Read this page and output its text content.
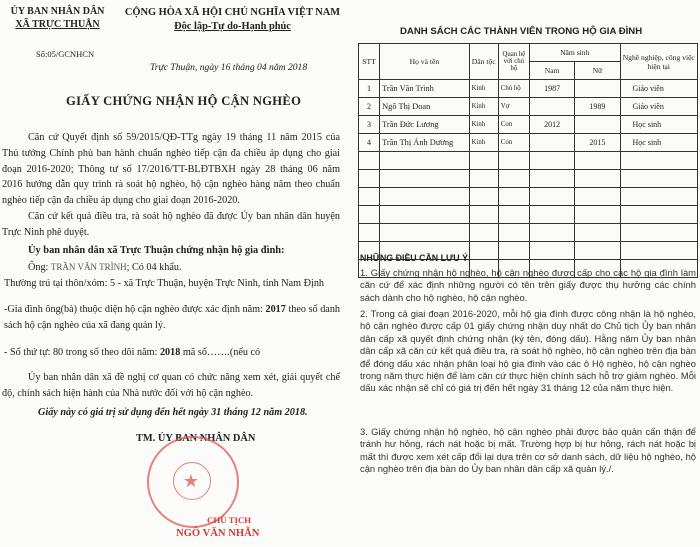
ỦY BAN NHÂN DÂN
XÃ TRỰC THUẬN
Số:05/GCNHCN
CỘNG HÒA XÃ HỘI CHỦ NGHĨA VIỆT NAM
Độc lập-Tự do-Hạnh phúc
Trực Thuận, ngày 16 tháng 04 năm 2018
GIẤY CHỨNG NHẬN HỘ CẬN NGHÈO
Căn cứ Quyết định số 59/2015/QĐ-TTg ngày 19 tháng 11 năm 2015 của Thủ tướng Chính phủ ban hành chuẩn nghèo tiếp cận đa chiều áp dụng cho giai đoạn 2016-2020; Thông tư số 17/2016/TT-BLĐTBXH ngày 28 tháng 06 năm 2016 hướng dẫn quy trình rà soát hộ nghèo, hộ cận nghèo hàng năm theo chuẩn nghèo tiếp cận đa chiều áp dụng cho giai đoạn 2016-2020.
Căn cứ kết quả điều tra, rà soát hộ nghèo đã được Ủy ban nhân dân huyện Trực Ninh phê duyệt.
Ủy ban nhân dân xã Trực Thuận chứng nhận hộ gia đình:
Ông: TRẦN VĂN TRÌNH; Có 04 khẩu.
Thường trú tại thôn/xóm: 5 - xã Trực Thuận, huyện Trực Ninh, tỉnh Nam Định
-Gia đình ông(bà) thuộc diện hộ cận nghèo được xác định năm: 2017 theo số danh sách hộ cận nghèo của xã đang quản lý.
- Số thứ tự: 80 trong số theo dõi năm: 2018 mã số…….(nếu có
Ủy ban nhân dân xã đề nghị cơ quan có chức năng xem xét, giải quyết chế độ, chính sách hiện hành của Nhà nước đối với hộ cận nghèo.
Giấy này có giá trị sử dụng đến hết ngày 31 tháng 12 năm 2018.
TM. ỦY BAN NHÂN DÂN
★
CHỦ TỊCH
NGÔ VĂN NHẪN
DANH SÁCH CÁC THÀNH VIÊN TRONG HỘ GIA ĐÌNH
STT	Họ và tên	Dân tộc	Quan hệ với chủ hộ	Năm sinh		Nghề nghiệp, công việc hiện tại
				Nam	Nữ	
1	Trần Văn Trình	Kinh	Chủ hộ	1987		Giáo viên
2	Ngô Thị Doan	Kinh	Vợ		1989	Giáo viên
3	Trần Đức Lương	Kinh	Con	2012		Học sinh
4	Trần Thị Ánh Dương	Kinh	Con		2015	Học sinh

NHỮNG ĐIỀU CẦN LƯU Ý:
1. Giấy chứng nhận hộ nghèo, hộ cận nghèo được cấp cho các hộ gia đình làm căn cứ để xác định những người có tên trên giấy được thụ hưởng các chính sách dành cho hộ nghèo, hộ cận nghèo.
2. Trong cả giai đoạn 2016-2020, mỗi hộ gia đình được công nhận là hộ nghèo, hộ cận nghèo được cấp 01 giấy chứng nhận duy nhất do Chủ tịch Ủy ban nhân dân cấp xã quyết định chứng nhận (ký tên, đóng dấu). Hằng năm Ủy ban nhân dân cấp xã căn cứ kết quả điều tra, rà soát hộ nghèo, hộ cận nghèo trên địa bàn để đóng dấu xác nhận phân loại hộ gia đình vào các ô Hộ nghèo, hộ cận nghèo trong năm thực hiện để làm căn cứ thực hiện chính sách hỗ trợ giảm nghèo. Mỗi dấu xác nhận sẽ chỉ có giá trị đến hết ngày 31 tháng 12 của năm thực hiện.
3. Giấy chứng nhận hộ nghèo, hộ cận nghèo phải được bảo quản cẩn thận để tránh hư hỏng, rách nát hoặc bị mất. Trường hợp bị hư hỏng, rách nát hoặc bị mất thì được xem xét cấp đổi lại dựa trên cơ sở danh sách, dữ liệu hộ nghèo, hộ cận nghèo trên địa bàn do Ủy ban nhân dân cấp xã quản lý./.
